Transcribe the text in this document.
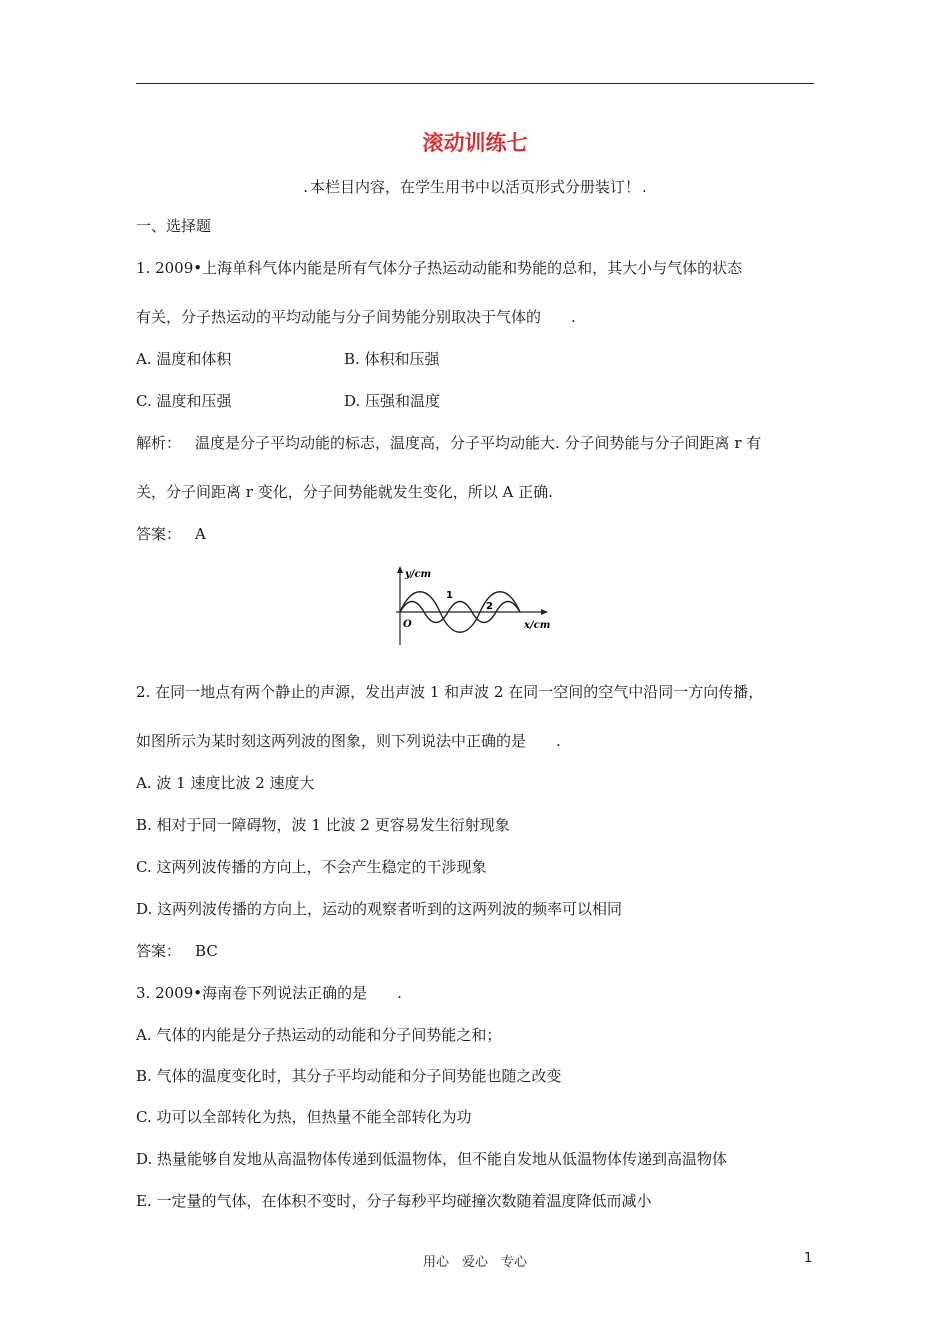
滚动训练七
. 本栏目内容，在学生用书中以活页形式分册装订！ .
一、选择题
1. 2009•上海单科气体内能是所有气体分子热运动动能和势能的总和，其大小与气体的状态
有关，分子热运动的平均动能与分子间势能分别取决于气体的 .
A. 温度和体积	B. 体积和压强
C. 温度和压强	D. 压强和温度
解析： 温度是分子平均动能的标志，温度高，分子平均动能大. 分子间势能与分子间距离 r 有
关，分子间距离 r 变化，分子间势能就发生变化，所以 A 正确.
答案： A
y/cm
x/cm
O
1
2
2. 在同一地点有两个静止的声源，发出声波 1 和声波 2 在同一空间的空气中沿同一方向传播，
如图所示为某时刻这两列波的图象，则下列说法中正确的是 .
A. 波 1 速度比波 2 速度大
B. 相对于同一障碍物，波 1 比波 2 更容易发生衍射现象
C. 这两列波传播的方向上，不会产生稳定的干涉现象
D. 这两列波传播的方向上，运动的观察者听到的这两列波的频率可以相同
答案： BC
3. 2009•海南卷下列说法正确的是 .
A. 气体的内能是分子热运动的动能和分子间势能之和；
B. 气体的温度变化时，其分子平均动能和分子间势能也随之改变
C. 功可以全部转化为热，但热量不能全部转化为功
D. 热量能够自发地从高温物体传递到低温物体，但不能自发地从低温物体传递到高温物体
E. 一定量的气体，在体积不变时，分子每秒平均碰撞次数随着温度降低而减小
用心　爱心　专心	1
